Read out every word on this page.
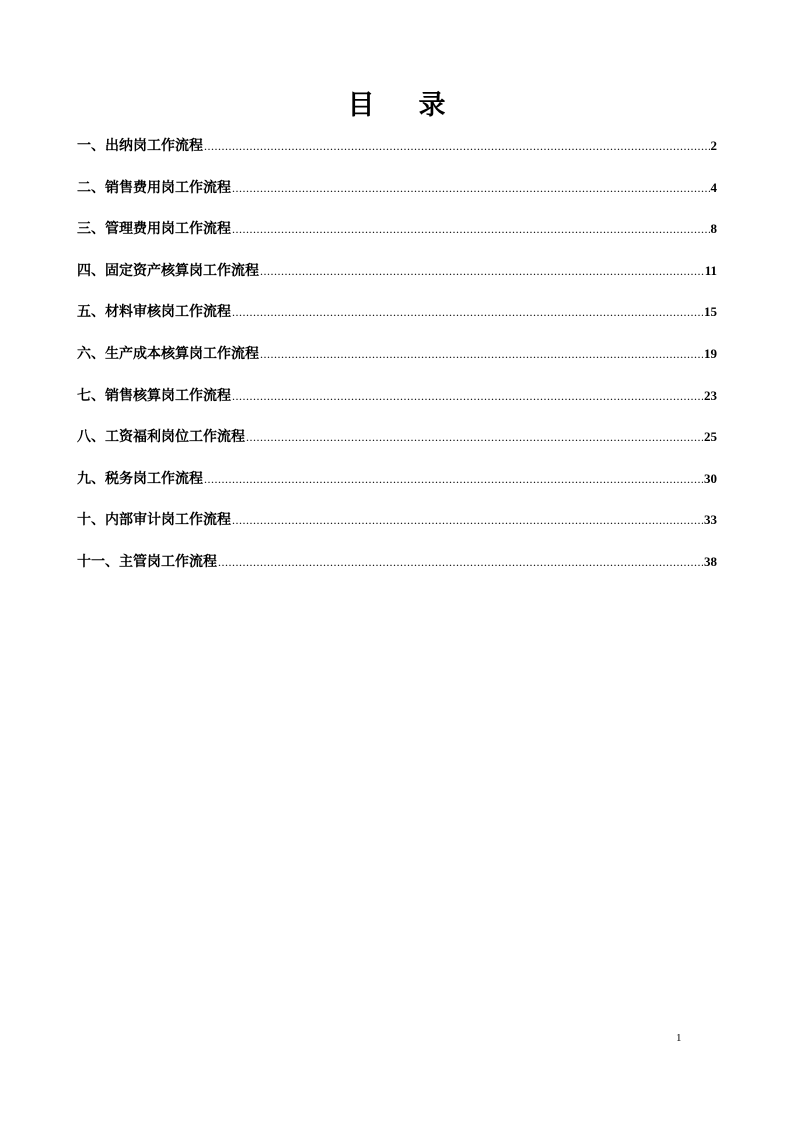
目 录
一、出纳岗工作流程 .....	2
二、销售费用岗工作流程 .....	4
三、管理费用岗工作流程 .....	8
四、固定资产核算岗工作流程 .....	11
五、材料审核岗工作流程 .....	15
六、生产成本核算岗工作流程 .....	19
七、销售核算岗工作流程 .....	23
八、工资福利岗位工作流程 .....	25
九、税务岗工作流程 .....	30
十、内部审计岗工作流程 .....	33
十一、主管岗工作流程 .....	38
1
